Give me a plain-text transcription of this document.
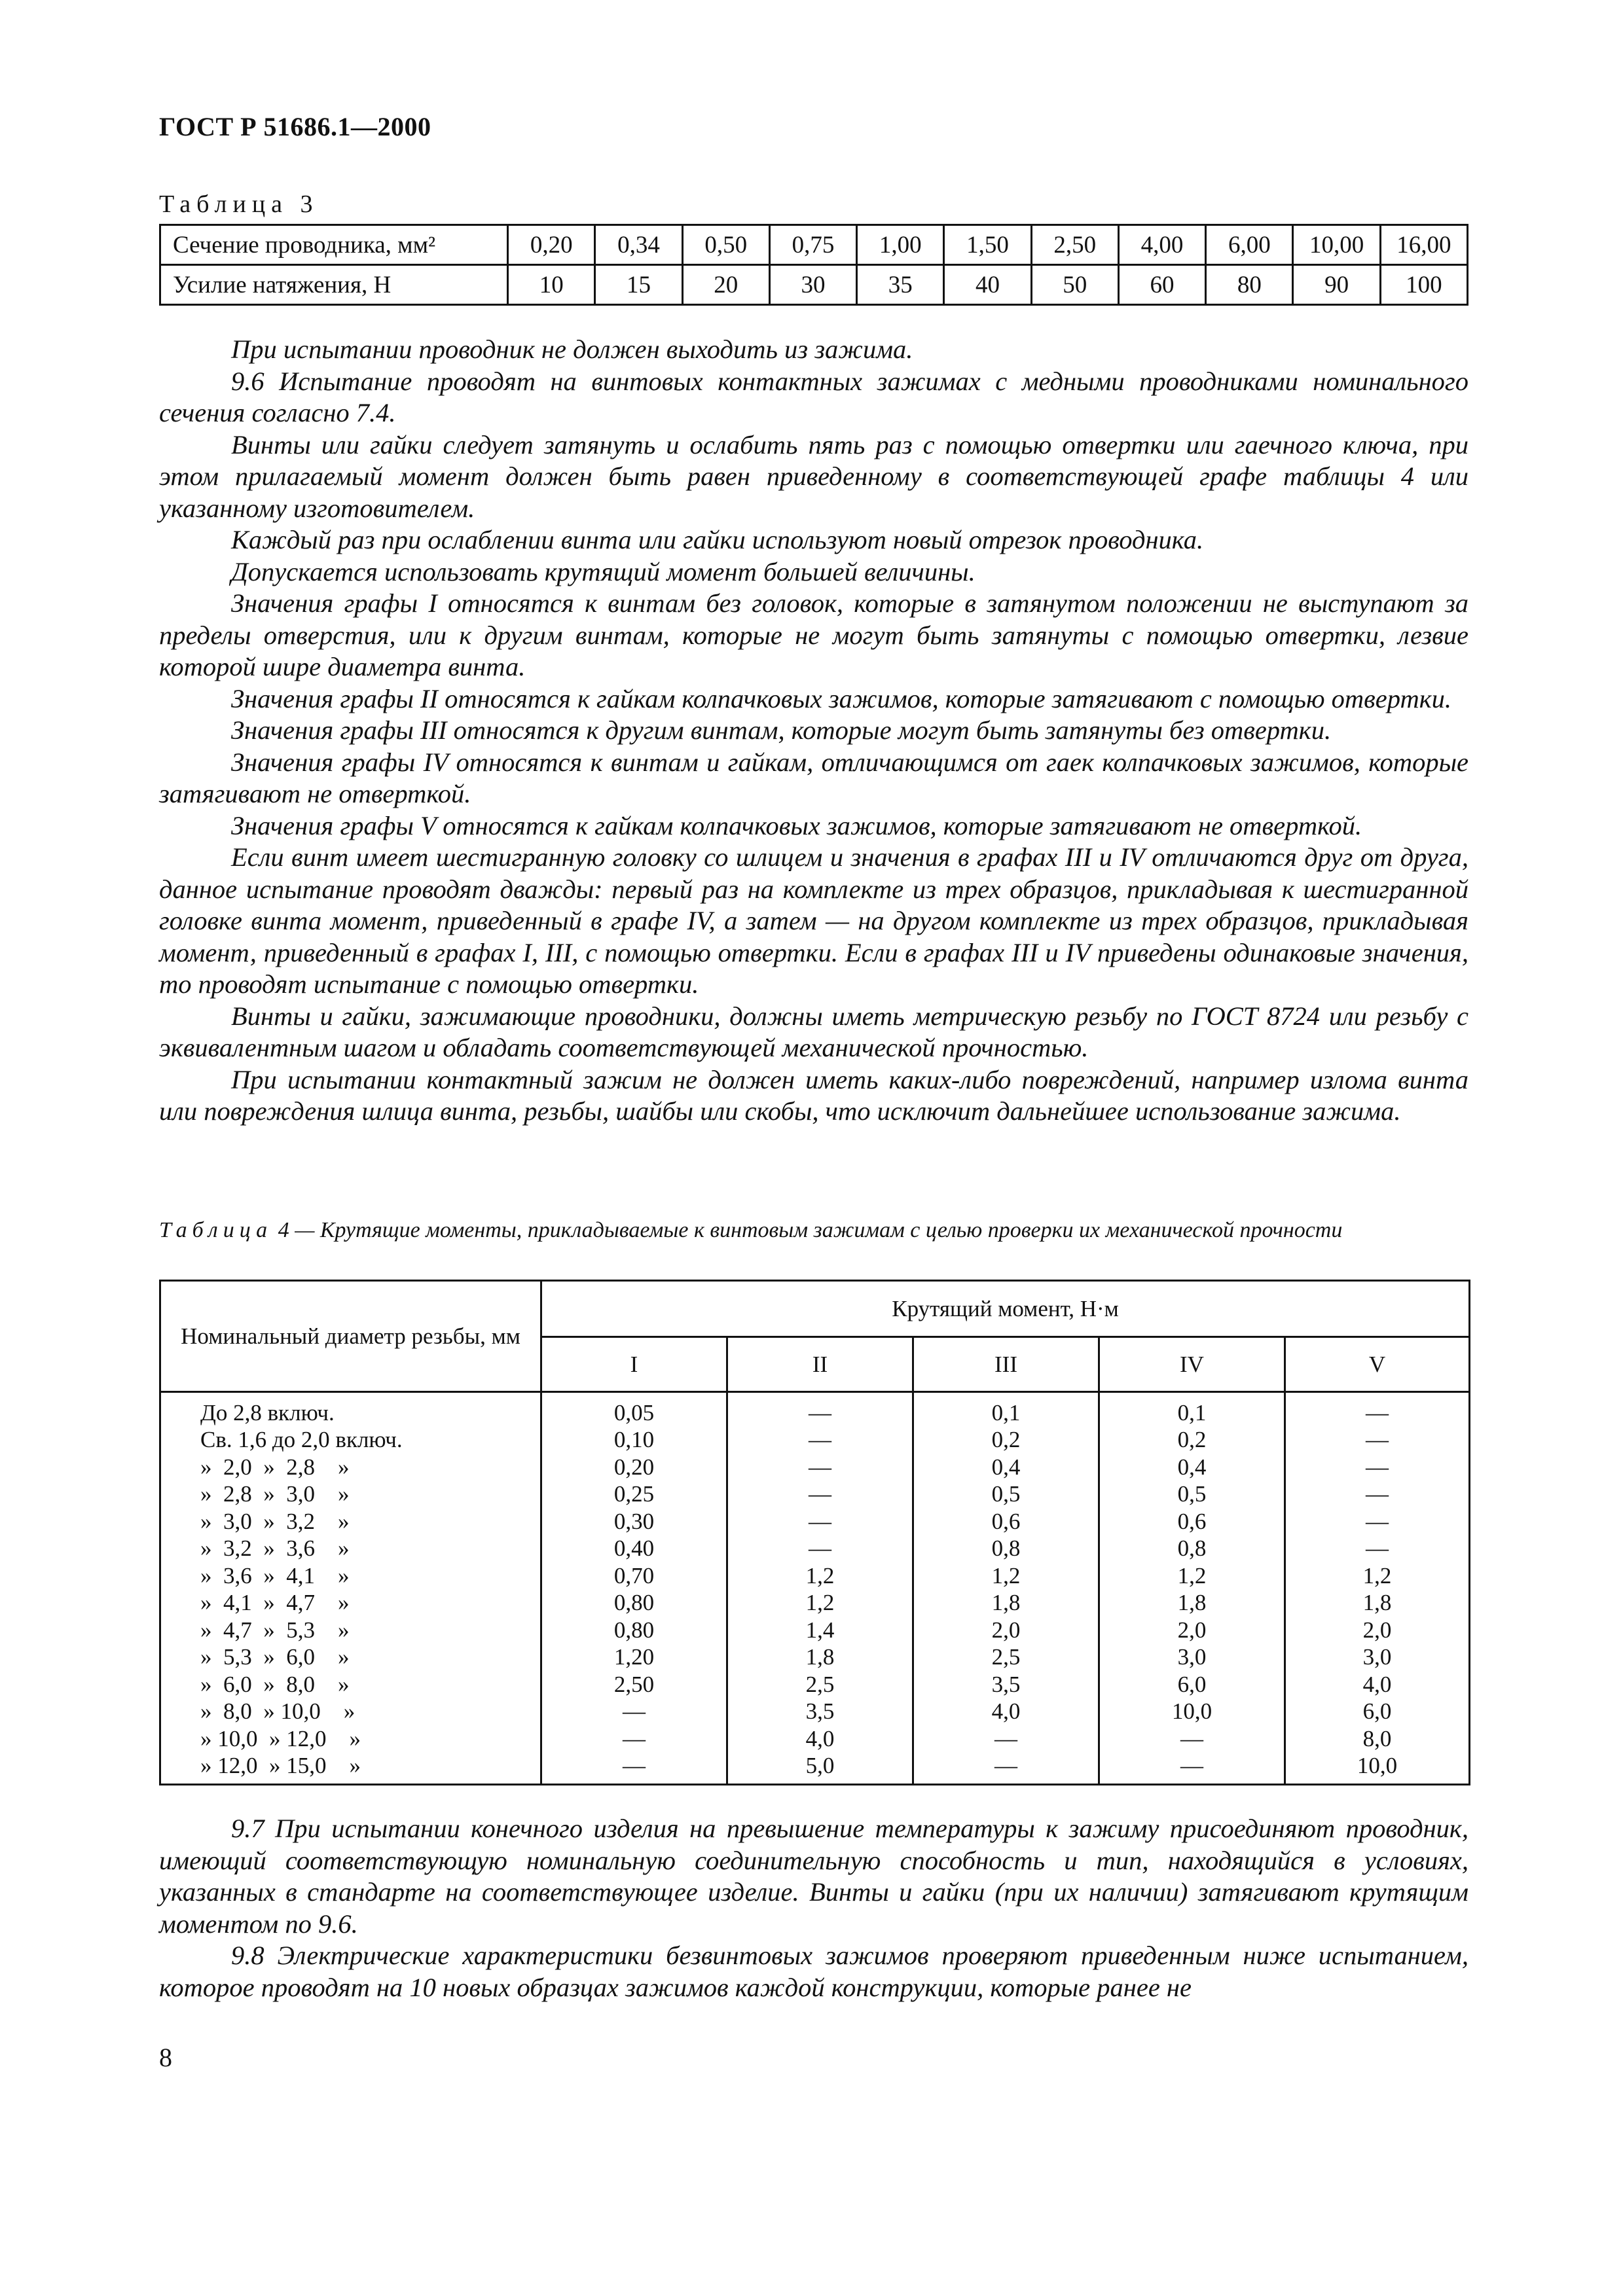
ГОСТ Р 51686.1—2000
Таблица 3
Сечение проводника, мм²	0,20	0,34	0,50	0,75	1,00	1,50	2,50	4,00	6,00	10,00	16,00
Усилие натяжения, Н	10	15	20	30	35	40	50	60	80	90	100

При испытании проводник не должен выходить из зажима.

9.6 Испытание проводят на винтовых контактных зажимах с медными проводниками номинального сечения согласно 7.4.

Винты или гайки следует затянуть и ослабить пять раз с помощью отвертки или гаечного ключа, при этом прилагаемый момент должен быть равен приведенному в соответствующей графе таблицы 4 или указанному изготовителем.

Каждый раз при ослаблении винта или гайки используют новый отрезок проводника.

Допускается использовать крутящий момент большей величины.

Значения графы I относятся к винтам без головок, которые в затянутом положении не выступают за пределы отверстия, или к другим винтам, которые не могут быть затянуты с помощью отвертки, лезвие которой шире диаметра винта.

Значения графы II относятся к гайкам колпачковых зажимов, которые затягивают с помощью отвертки.

Значения графы III относятся к другим винтам, которые могут быть затянуты без отвертки.

Значения графы IV относятся к винтам и гайкам, отличающимся от гаек колпачковых зажимов, которые затягивают не отверткой.

Значения графы V относятся к гайкам колпачковых зажимов, которые затягивают не отверткой.

Если винт имеет шестигранную головку со шлицем и значения в графах III и IV отличаются друг от друга, данное испытание проводят дважды: первый раз на комплекте из трех образцов, прикладывая к шестигранной головке винта момент, приведенный в графе IV, а затем — на другом комплекте из трех образцов, прикладывая момент, приведенный в графах I, III, с помощью отвертки. Если в графах III и IV приведены одинаковые значения, то проводят испытание с помощью отвертки.

Винты и гайки, зажимающие проводники, должны иметь метрическую резьбу по ГОСТ 8724 или резьбу с эквивалентным шагом и обладать соответствующей механической прочностью.

При испытании контактный зажим не должен иметь каких-либо повреждений, например излома винта или повреждения шлица винта, резьбы, шайбы или скобы, что исключит дальнейшее использование зажима.

Таблица 4 — Крутящие моменты, прикладываемые к винтовым зажимам с целью проверки их механической прочности
Номинальный диаметр резьбы, мм	Крутящий момент, Н·м				
	I	II	III	IV	V
До 2,8 включ.	0,05	—	0,1	0,1	—
Св. 1,6 до 2,0 включ.	0,10	—	0,2	0,2	—
»  2,0  »  2,8    »	0,20	—	0,4	0,4	—
»  2,8  »  3,0    »	0,25	—	0,5	0,5	—
»  3,0  »  3,2    »	0,30	—	0,6	0,6	—
»  3,2  »  3,6    »	0,40	—	0,8	0,8	—
»  3,6  »  4,1    »	0,70	1,2	1,2	1,2	1,2
»  4,1  »  4,7    »	0,80	1,2	1,8	1,8	1,8
»  4,7  »  5,3    »	0,80	1,4	2,0	2,0	2,0
»  5,3  »  6,0    »	1,20	1,8	2,5	3,0	3,0
»  6,0  »  8,0    »	2,50	2,5	3,5	6,0	4,0
»  8,0  » 10,0    »	—	3,5	4,0	10,0	6,0
» 10,0  » 12,0    »	—	4,0	—	—	8,0
» 12,0  » 15,0    »	—	5,0	—	—	10,0

9.7 При испытании конечного изделия на превышение температуры к зажиму присоединяют проводник, имеющий соответствующую номинальную соединительную способность и тип, находящийся в условиях, указанных в стандарте на соответствующее изделие. Винты и гайки (при их наличии) затягивают крутящим моментом по 9.6.

9.8 Электрические характеристики безвинтовых зажимов проверяют приведенным ниже испытанием, которое проводят на 10 новых образцах зажимов каждой конструкции, которые ранее не

8
